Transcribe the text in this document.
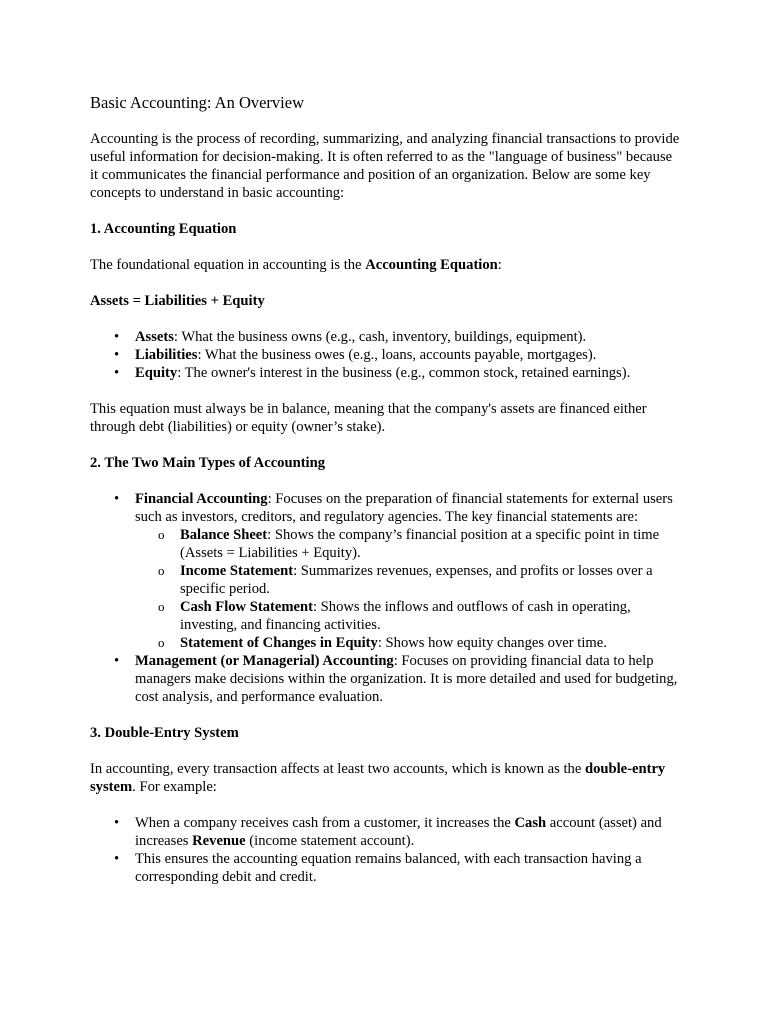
Basic Accounting: An Overview

Accounting is the process of recording, summarizing, and analyzing financial transactions to provide useful information for decision-making. It is often referred to as the "language of business" because it communicates the financial performance and position of an organization. Below are some key concepts to understand in basic accounting:

1. Accounting Equation

The foundational equation in accounting is the Accounting Equation:

Assets = Liabilities + Equity

• Assets: What the business owns (e.g., cash, inventory, buildings, equipment).
• Liabilities: What the business owes (e.g., loans, accounts payable, mortgages).
• Equity: The owner's interest in the business (e.g., common stock, retained earnings).

This equation must always be in balance, meaning that the company's assets are financed either through debt (liabilities) or equity (owner’s stake).

2. The Two Main Types of Accounting
• Financial Accounting: Focuses on the preparation of financial statements for external users such as investors, creditors, and regulatory agencies. The key financial statements are:
o Balance Sheet: Shows the company’s financial position at a specific point in time (Assets = Liabilities + Equity).
o Income Statement: Summarizes revenues, expenses, and profits or losses over a specific period.
o Cash Flow Statement: Shows the inflows and outflows of cash in operating, investing, and financing activities.
o Statement of Changes in Equity: Shows how equity changes over time.
• Management (or Managerial) Accounting: Focuses on providing financial data to help managers make decisions within the organization. It is more detailed and used for budgeting, cost analysis, and performance evaluation.
3. Double-Entry System

In accounting, every transaction affects at least two accounts, which is known as the double-entry system. For example:

• When a company receives cash from a customer, it increases the Cash account (asset) and increases Revenue (income statement account).
• This ensures the accounting equation remains balanced, with each transaction having a corresponding debit and credit.
